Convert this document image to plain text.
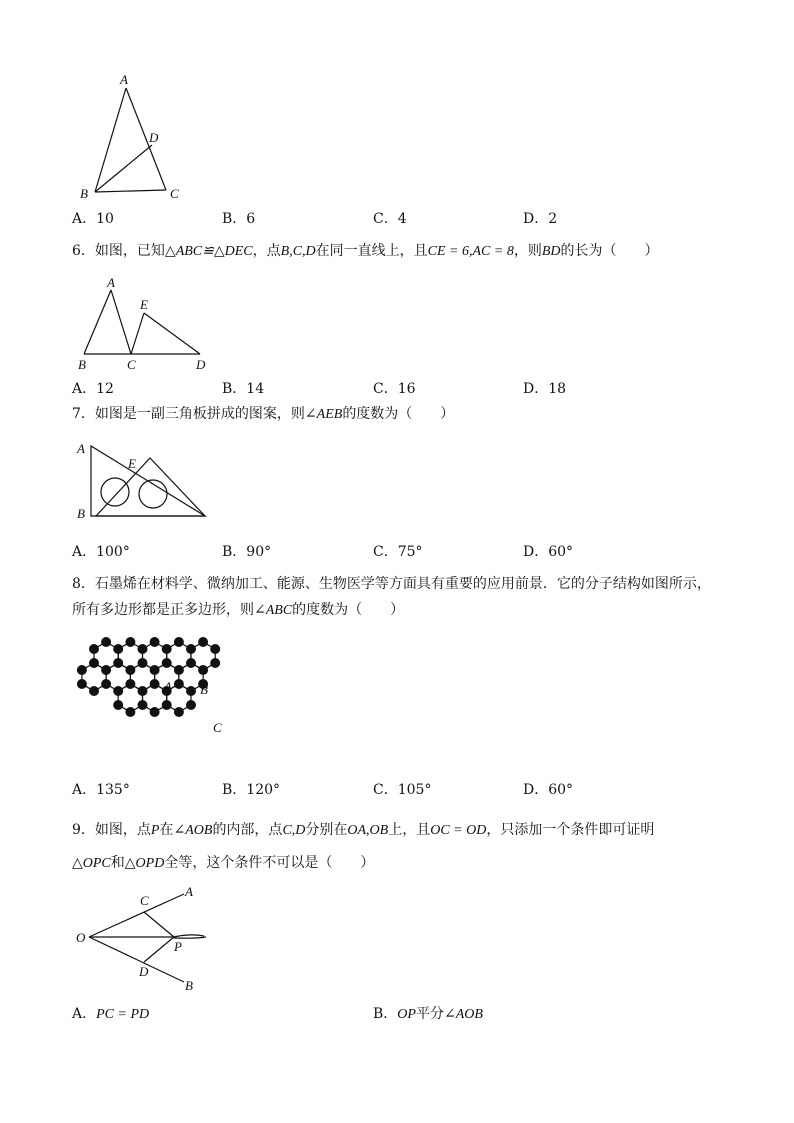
A
D
B	C
A．10	B．6	C．4	D．2
6．如图，已知△ABC≌△DEC，点B,C,D在同一直线上，且CE = 6,AC = 8，则BD的长为（　　）
A
E
B	C	D
A．12	B．14	C．16	D．18
7．如图是一副三角板拼成的图案，则∠AEB的度数为（　　）
A
E
B
A．100°	B．90°	C．75°	D．60°
8．石墨烯在材料学、微纳加工、能源、生物医学等方面具有重要的应用前景．它的分子结构如图所示，
所有多边形都是正多边形，则∠ABC的度数为（　　）
A B
C
A．135°	B．120°	C．105°	D．60°
9．如图，点P在∠AOB的内部，点C,D分别在OA,OB上，且OC = OD，只添加一个条件即可证明
△OPC和△OPD全等，这个条件不可以是（　　）
A
C
O
P
D
B
A．PC = PD	B．OP平分∠AOB
